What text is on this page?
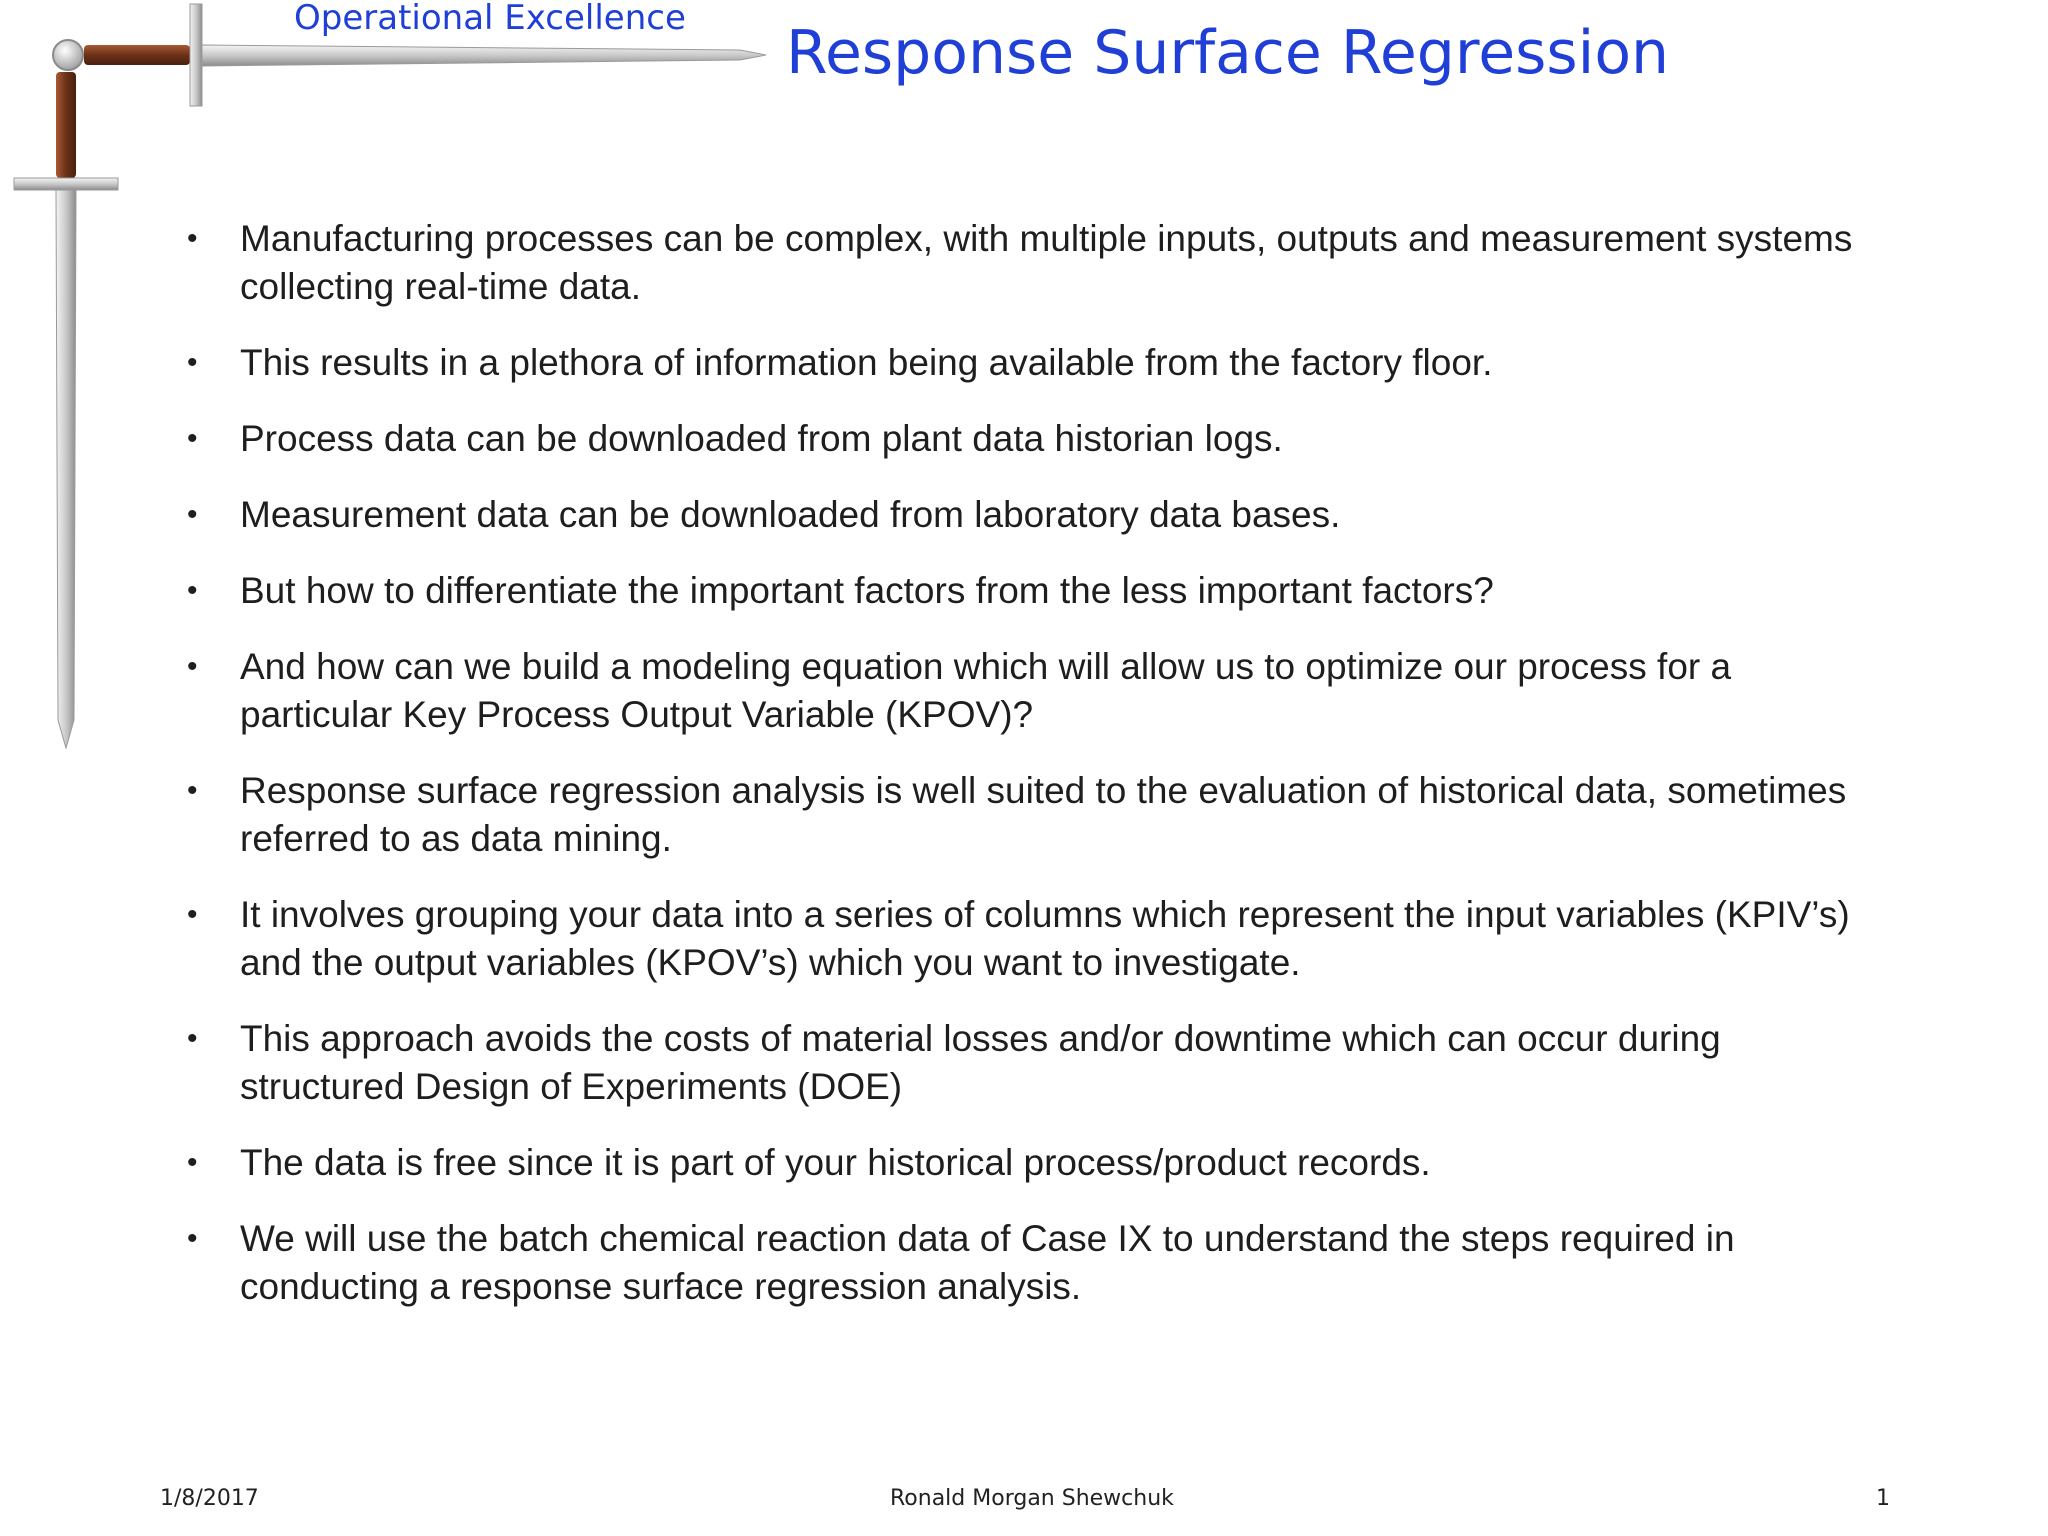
Operational Excellence Response Surface Regression
• Manufacturing processes can be complex, with multiple inputs, outputs and measurement systems collecting real-time data.
• This results in a plethora of information being available from the factory floor.
• Process data can be downloaded from plant data historian logs.
• Measurement data can be downloaded from laboratory data bases.
• But how to differentiate the important factors from the less important factors?
• And how can we build a modeling equation which will allow us to optimize our process for a particular Key Process Output Variable (KPOV)?
• Response surface regression analysis is well suited to the evaluation of historical data, sometimes referred to as data mining.
• It involves grouping your data into a series of columns which represent the input variables (KPIV’s) and the output variables (KPOV’s) which you want to investigate.
• This approach avoids the costs of material losses and/or downtime which can occur during structured Design of Experiments (DOE)
• The data is free since it is part of your historical process/product records.
• We will use the batch chemical reaction data of Case IX to understand the steps required in conducting a response surface regression analysis.
1/8/2017	Ronald Morgan Shewchuk	1
